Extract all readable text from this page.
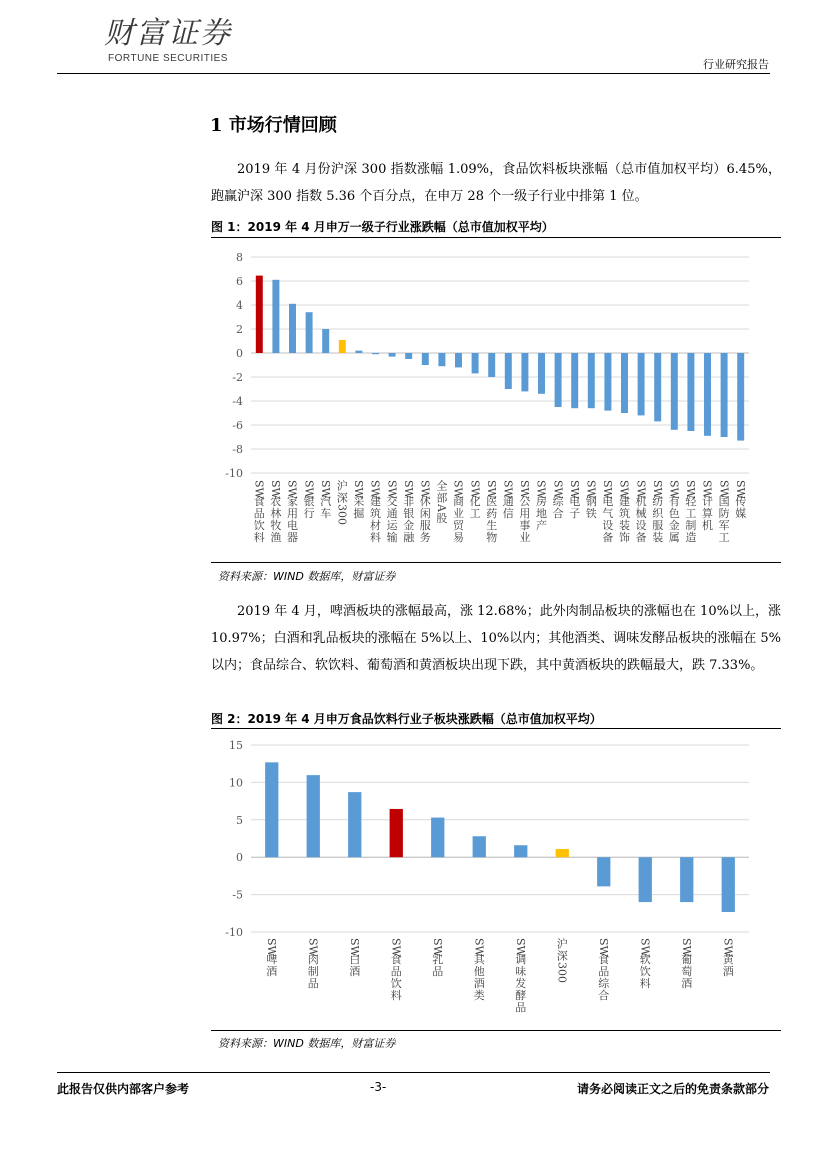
财富证券
FORTUNE SECURITIES	行业研究报告
1 市场行情回顾
2019 年 4 月份沪深 300 指数涨幅 1.09%，食品饮料板块涨幅（总市值加权平均）6.45%，跑赢沪深 300 指数 5.36 个百分点，在申万 28 个一级子行业中排第 1 位。
图 1：2019 年 4 月申万一级子行业涨跌幅（总市值加权平均）
8
6
4
2
0
-2
-4
-6
-8
-10
食品饮料
SW
农林牧渔
SW
家用电器
SW
银行
SW
汽车
SW 沪深
300
采掘
SW
建筑材料
SW
交通运输
SW
非银金融
SW
休闲服务
SW 全部股
A 商业贸易
SW
化工
SW
医药生物
SW
通信
SW
公用事业
SW
房地产
SW
综合
SW
电子
SW
钢铁
SW
电气设备
SW
建筑装饰
SW
机械设备
SW
纺织服装
SW
有色金属
SW
轻工制造
SW
计算机
SW
国防军工
SW
传媒
SW
资料来源：WIND 数据库，财富证券
2019 年 4 月，啤酒板块的涨幅最高，涨 12.68%；此外肉制品板块的涨幅也在 10%以上，涨 10.97%；白酒和乳品板块的涨幅在 5%以上、10%以内；其他酒类、调味发酵品板块的涨幅在 5%以内；食品综合、软饮料、葡萄酒和黄酒板块出现下跌，其中黄酒板块的跌幅最大，跌 7.33%。
图 2：2019 年 4 月申万食品饮料行业子板块涨跌幅（总市值加权平均）
15
10
5
0
-5
-10
啤酒
SW
肉制品
SW
白酒
SW
食品饮料
SW
乳品
SW
其他酒类
SW
调味发酵品
SW	沪深
300
食品综合
SW
软饮料
SW
葡萄酒
SW
黄酒
SW
资料来源：WIND 数据库，财富证券
此报告仅供内部客户参考	-3-	请务必阅读正文之后的免责条款部分
